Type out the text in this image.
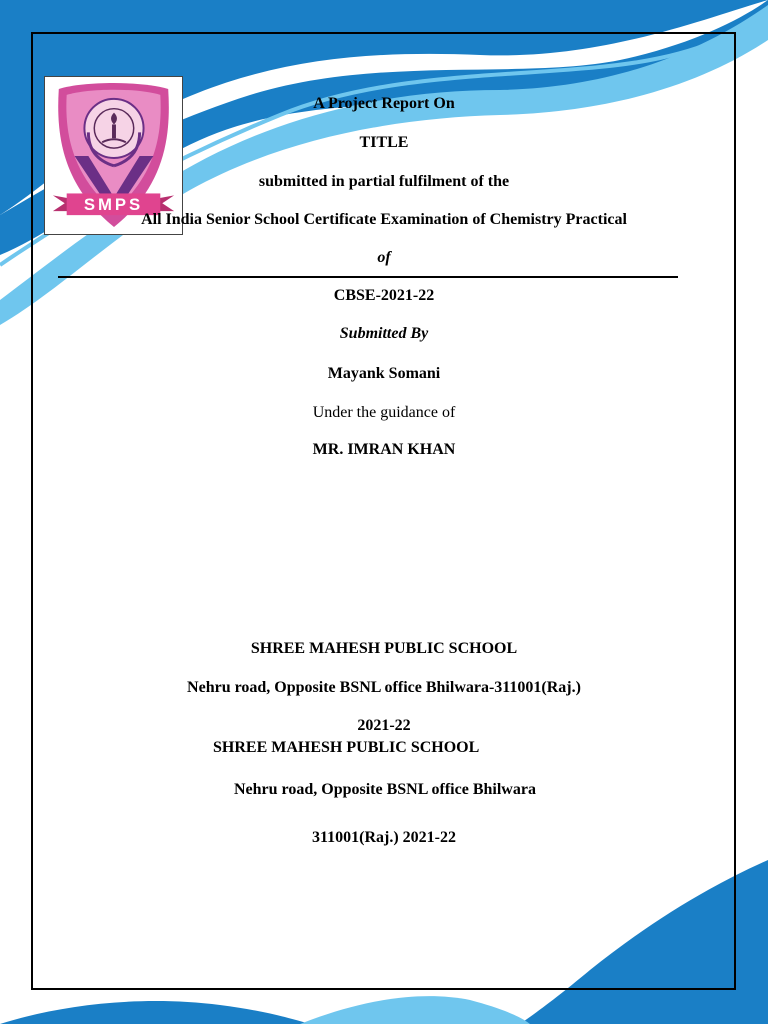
SMPS
A Project Report On
TITLE
submitted in partial fulfilment of the
All India Senior School Certificate Examination of Chemistry Practical
of
CBSE-2021-22
Submitted By
Mayank Somani
Under the guidance of
MR. IMRAN KHAN
SHREE MAHESH PUBLIC SCHOOL
Nehru road, Opposite BSNL office Bhilwara-311001(Raj.)
2021-22
SHREE MAHESH PUBLIC SCHOOL
Nehru road, Opposite BSNL office Bhilwara
311001(Raj.) 2021-22
